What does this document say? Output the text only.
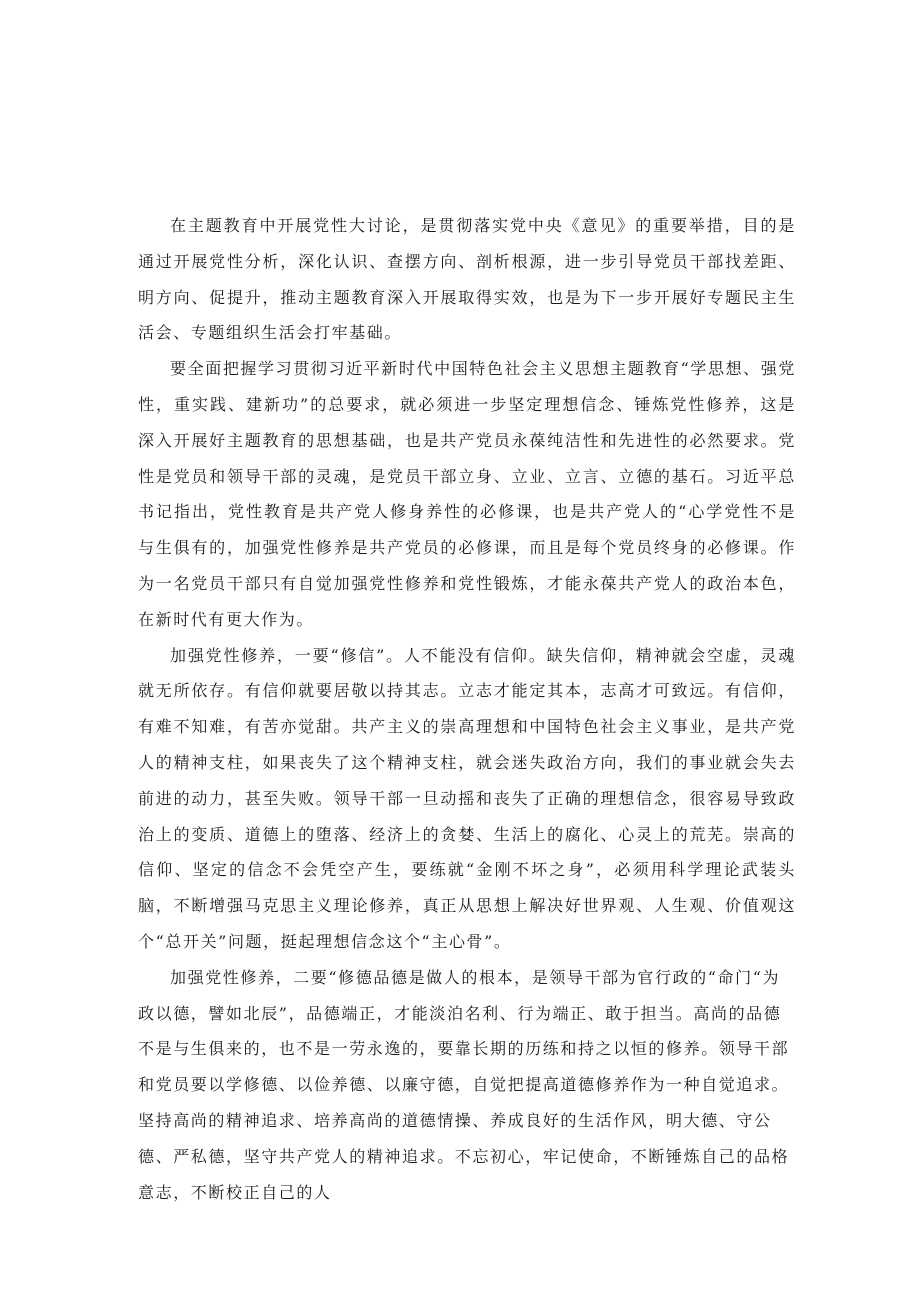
在主题教育中开展党性大讨论，是贯彻落实党中央《意见》的重要举措，目的是通过开展党性分析，深化认识、查摆方向、剖析根源，进一步引导党员干部找差距、明方向、促提升，推动主题教育深入开展取得实效，也是为下一步开展好专题民主生活会、专题组织生活会打牢基础。

要全面把握学习贯彻习近平新时代中国特色社会主义思想主题教育“学思想、强党性，重实践、建新功”的总要求，就必须进一步坚定理想信念、锤炼党性修养，这是深入开展好主题教育的思想基础，也是共产党员永葆纯洁性和先进性的必然要求。党性是党员和领导干部的灵魂，是党员干部立身、立业、立言、立德的基石。习近平总书记指出，党性教育是共产党人修身养性的必修课，也是共产党人的“心学党性不是与生俱有的，加强党性修养是共产党员的必修课，而且是每个党员终身的必修课。作为一名党员干部只有自觉加强党性修养和党性锻炼，才能永葆共产党人的政治本色，在新时代有更大作为。

加强党性修养，一要“修信”。人不能没有信仰。缺失信仰，精神就会空虚，灵魂就无所依存。有信仰就要居敬以持其志。立志才能定其本，志高才可致远。有信仰，有难不知难，有苦亦觉甜。共产主义的崇高理想和中国特色社会主义事业，是共产党人的精神支柱，如果丧失了这个精神支柱，就会迷失政治方向，我们的事业就会失去前进的动力，甚至失败。领导干部一旦动摇和丧失了正确的理想信念，很容易导致政治上的变质、道德上的堕落、经济上的贪婪、生活上的腐化、心灵上的荒芜。崇高的信仰、坚定的信念不会凭空产生，要练就“金刚不坏之身”，必须用科学理论武装头脑，不断增强马克思主义理论修养，真正从思想上解决好世界观、人生观、价值观这个“总开关”问题，挺起理想信念这个“主心骨”。

加强党性修养，二要“修德品德是做人的根本，是领导干部为官行政的“命门“为政以德，譬如北辰”，品德端正，才能淡泊名利、行为端正、敢于担当。高尚的品德不是与生俱来的，也不是一劳永逸的，要靠长期的历练和持之以恒的修养。领导干部和党员要以学修德、以俭养德、以廉守德，自觉把提高道德修养作为一种自觉追求。坚持高尚的精神追求、培养高尚的道德情操、养成良好的生活作风，明大德、守公德、严私德，坚守共产党人的精神追求。不忘初心，牢记使命，不断锤炼自己的品格意志，不断校正自己的人
